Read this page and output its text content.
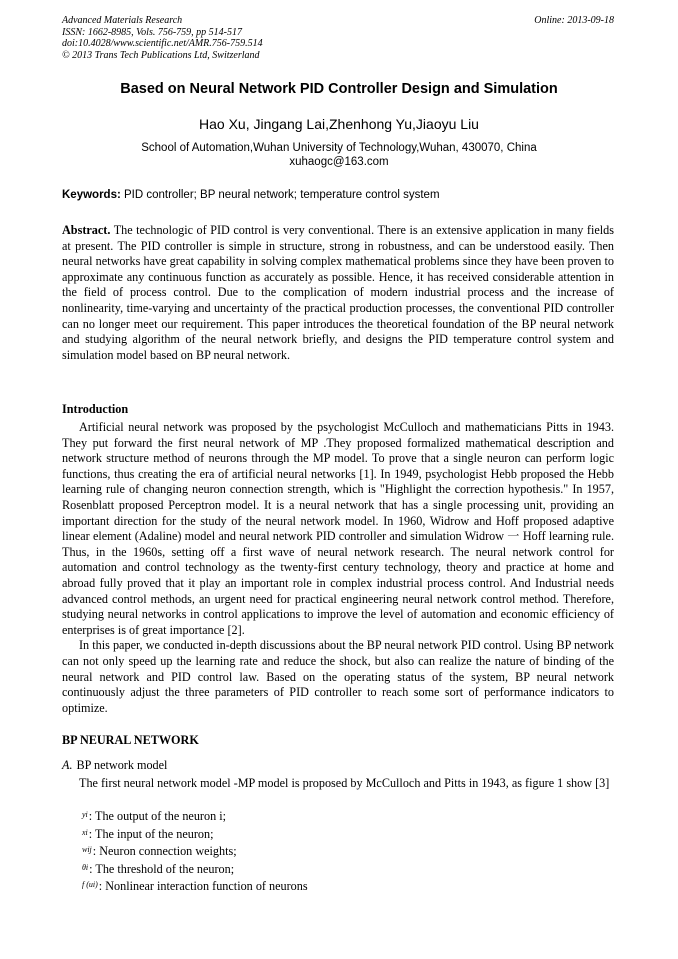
Advanced Materials Research
ISSN: 1662-8985, Vols. 756-759, pp 514-517
doi:10.4028/www.scientific.net/AMR.756-759.514
© 2013 Trans Tech Publications Ltd, Switzerland
Online: 2013-09-18
Based on Neural Network PID Controller Design and Simulation
Hao Xu, Jingang Lai,Zhenhong Yu,Jiaoyu Liu
School of Automation,Wuhan University of Technology,Wuhan, 430070, China
xuhaogc@163.com
Keywords: PID controller; BP neural network; temperature control system

Abstract. The technologic of PID control is very conventional. There is an extensive application in many fields at present. The PID controller is simple in structure, strong in robustness, and can be understood easily. Then neural networks have great capability in solving complex mathematical problems since they have been proven to approximate any continuous function as accurately as possible. Hence, it has received considerable attention in the field of process control. Due to the complication of modern industrial process and the increase of nonlinearity, time-varying and uncertainty of the practical production processes, the conventional PID controller can no longer meet our requirement. This paper introduces the theoretical foundation of the BP neural network and studying algorithm of the neural network briefly, and designs the PID temperature control system and simulation model based on BP neural network.

Introduction

Artificial neural network was proposed by the psychologist McCulloch and mathematicians Pitts in 1943. They put forward the first neural network of MP .They proposed formalized mathematical description and network structure method of neurons through the MP model. To prove that a single neuron can perform logic functions, thus creating the era of artificial neural networks [1]. In 1949, psychologist Hebb proposed the Hebb learning rule of changing neuron connection strength, which is "Highlight the correction hypothesis." In 1957, Rosenblatt proposed Perceptron model. It is a neural network that has a single processing unit, providing an important direction for the study of the neural network model. In 1960, Widrow and Hoff proposed adaptive linear element (Adaline) model and neural network PID controller and simulation Widrow 一 Hoff learning rule. Thus, in the 1960s, setting off a first wave of neural network research. The neural network control for automation and control technology as the twenty-first century technology, theory and practice at home and abroad fully proved that it play an important role in complex industrial process control. And Industrial needs advanced control methods, an urgent need for practical engineering neural network control method. Therefore, studying neural networks in control applications to improve the level of automation and economic efficiency of enterprises is of great importance [2].

In this paper, we conducted in-depth discussions about the BP neural network PID control. Using BP network can not only speed up the learning rate and reduce the shock, but also can realize the nature of binding of the neural network and PID control law. Based on the operating status of the system, BP neural network continuously adjust the three parameters of PID controller to reach some sort of performance indicators to optimize.

BP NEURAL NETWORK
A. BP network model

The first neural network model -MP model is proposed by McCulloch and Pitts in 1943, as figure 1 show [3]

$^{yi}$: The output of the neuron i;
$^{xi}$: The input of the neuron;
$^{wij}$: Neuron connection weights;
$^{\theta i}$: The threshold of the neuron;
$^{f (ui)}$: Nonlinear interaction function of neurons
